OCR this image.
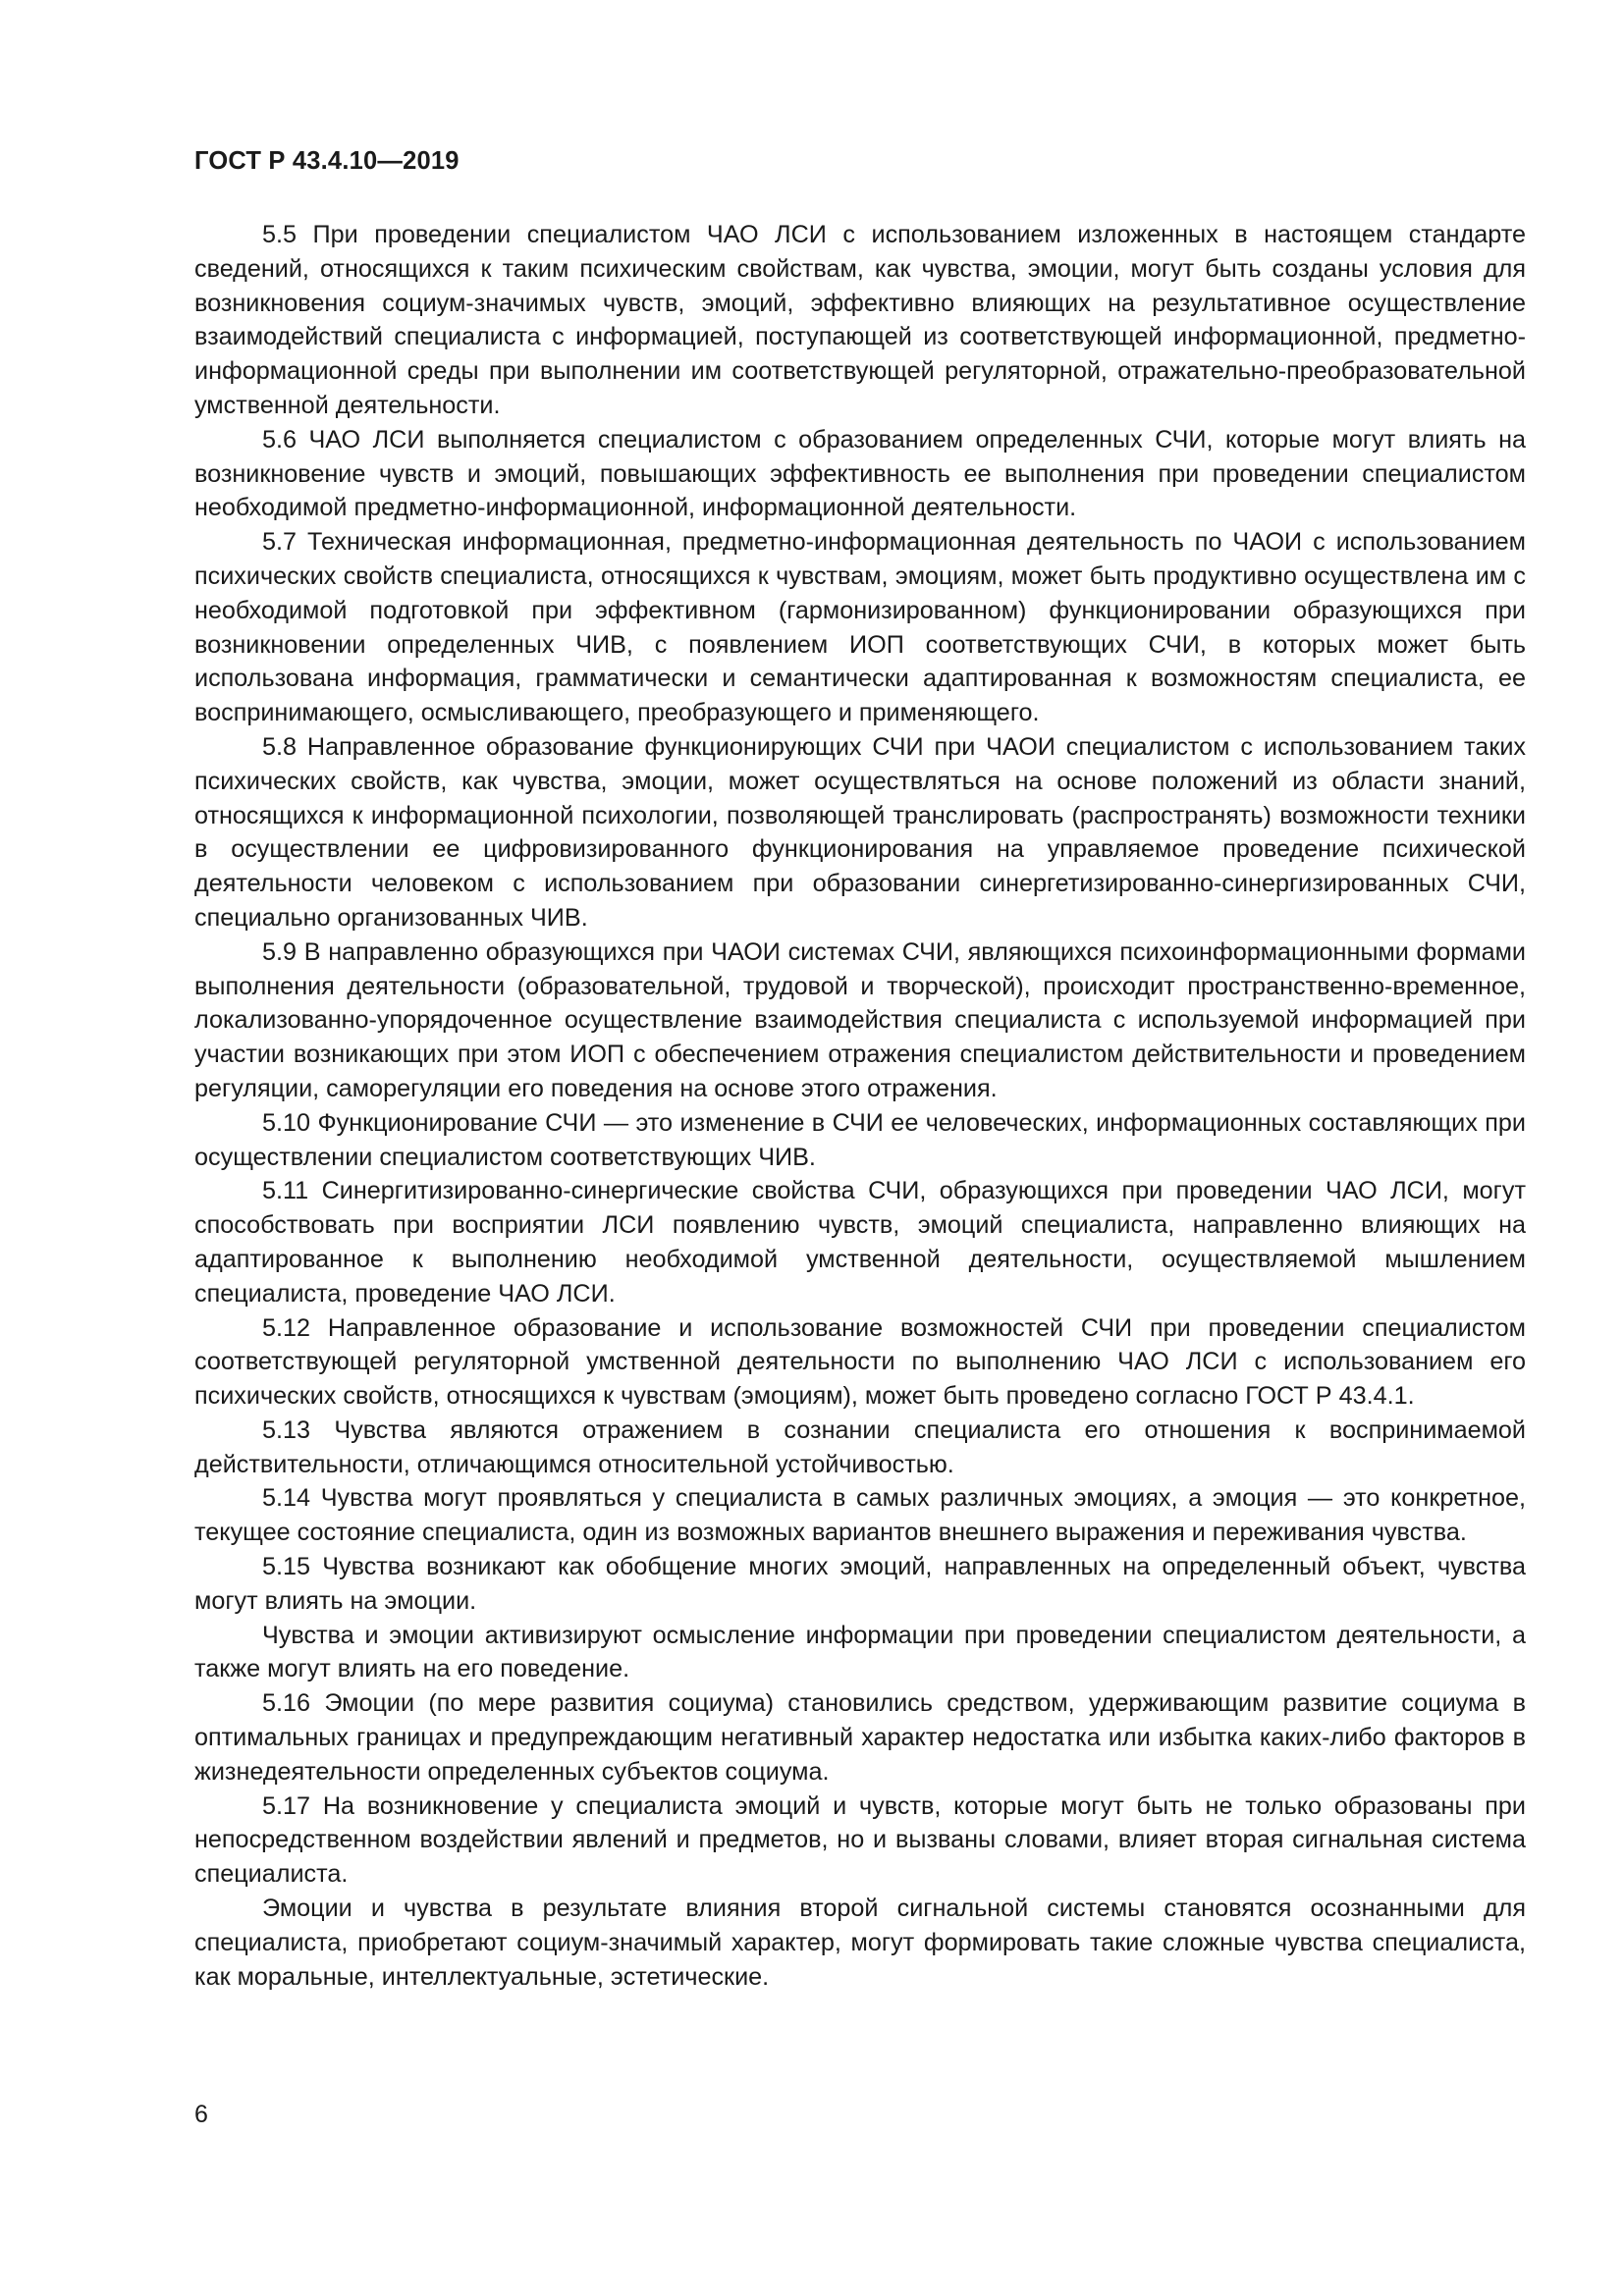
ГОСТ Р 43.4.10—2019

5.5 При проведении специалистом ЧАО ЛСИ с использованием изложенных в настоящем стандарте сведений, относящихся к таким психическим свойствам, как чувства, эмоции, могут быть созданы условия для возникновения социум-значимых чувств, эмоций, эффективно влияющих на результативное осуществление взаимодействий специалиста с информацией, поступающей из соответствующей информационной, предметно-информационной среды при выполнении им соответствующей регуляторной, отражательно-преобразовательной умственной деятельности.

5.6 ЧАО ЛСИ выполняется специалистом с образованием определенных СЧИ, которые могут влиять на возникновение чувств и эмоций, повышающих эффективность ее выполнения при проведении специалистом необходимой предметно-информационной, информационной деятельности.

5.7 Техническая информационная, предметно-информационная деятельность по ЧАОИ с использованием психических свойств специалиста, относящихся к чувствам, эмоциям, может быть продуктивно осуществлена им с необходимой подготовкой при эффективном (гармонизированном) функционировании образующихся при возникновении определенных ЧИВ, с появлением ИОП соответствующих СЧИ, в которых может быть использована информация, грамматически и семантически адаптированная к возможностям специалиста, ее воспринимающего, осмысливающего, преобразующего и применяющего.

5.8 Направленное образование функционирующих СЧИ при ЧАОИ специалистом с использованием таких психических свойств, как чувства, эмоции, может осуществляться на основе положений из области знаний, относящихся к информационной психологии, позволяющей транслировать (распространять) возможности техники в осуществлении ее цифровизированного функционирования на управляемое проведение психической деятельности человеком с использованием при образовании синергетизированно-синергизированных СЧИ, специально организованных ЧИВ.

5.9 В направленно образующихся при ЧАОИ системах СЧИ, являющихся психоинформационными формами выполнения деятельности (образовательной, трудовой и творческой), происходит пространственно-временное, локализованно-упорядоченное осуществление взаимодействия специалиста с используемой информацией при участии возникающих при этом ИОП с обеспечением отражения специалистом действительности и проведением регуляции, саморегуляции его поведения на основе этого отражения.

5.10 Функционирование СЧИ — это изменение в СЧИ ее человеческих, информационных составляющих при осуществлении специалистом соответствующих ЧИВ.

5.11 Синергитизированно-синергические свойства СЧИ, образующихся при проведении ЧАО ЛСИ, могут способствовать при восприятии ЛСИ появлению чувств, эмоций специалиста, направленно влияющих на адаптированное к выполнению необходимой умственной деятельности, осуществляемой мышлением специалиста, проведение ЧАО ЛСИ.

5.12 Направленное образование и использование возможностей СЧИ при проведении специалистом соответствующей регуляторной умственной деятельности по выполнению ЧАО ЛСИ с использованием его психических свойств, относящихся к чувствам (эмоциям), может быть проведено согласно ГОСТ Р 43.4.1.

5.13 Чувства являются отражением в сознании специалиста его отношения к воспринимаемой действительности, отличающимся относительной устойчивостью.

5.14 Чувства могут проявляться у специалиста в самых различных эмоциях, а эмоция — это конкретное, текущее состояние специалиста, один из возможных вариантов внешнего выражения и переживания чувства.

5.15 Чувства возникают как обобщение многих эмоций, направленных на определенный объект, чувства могут влиять на эмоции.

Чувства и эмоции активизируют осмысление информации при проведении специалистом деятельности, а также могут влиять на его поведение.

5.16 Эмоции (по мере развития социума) становились средством, удерживающим развитие социума в оптимальных границах и предупреждающим негативный характер недостатка или избытка каких-либо факторов в жизнедеятельности определенных субъектов социума.

5.17 На возникновение у специалиста эмоций и чувств, которые могут быть не только образованы при непосредственном воздействии явлений и предметов, но и вызваны словами, влияет вторая сигнальная система специалиста.

Эмоции и чувства в результате влияния второй сигнальной системы становятся осознанными для специалиста, приобретают социум-значимый характер, могут формировать такие сложные чувства специалиста, как моральные, интеллектуальные, эстетические.

6
